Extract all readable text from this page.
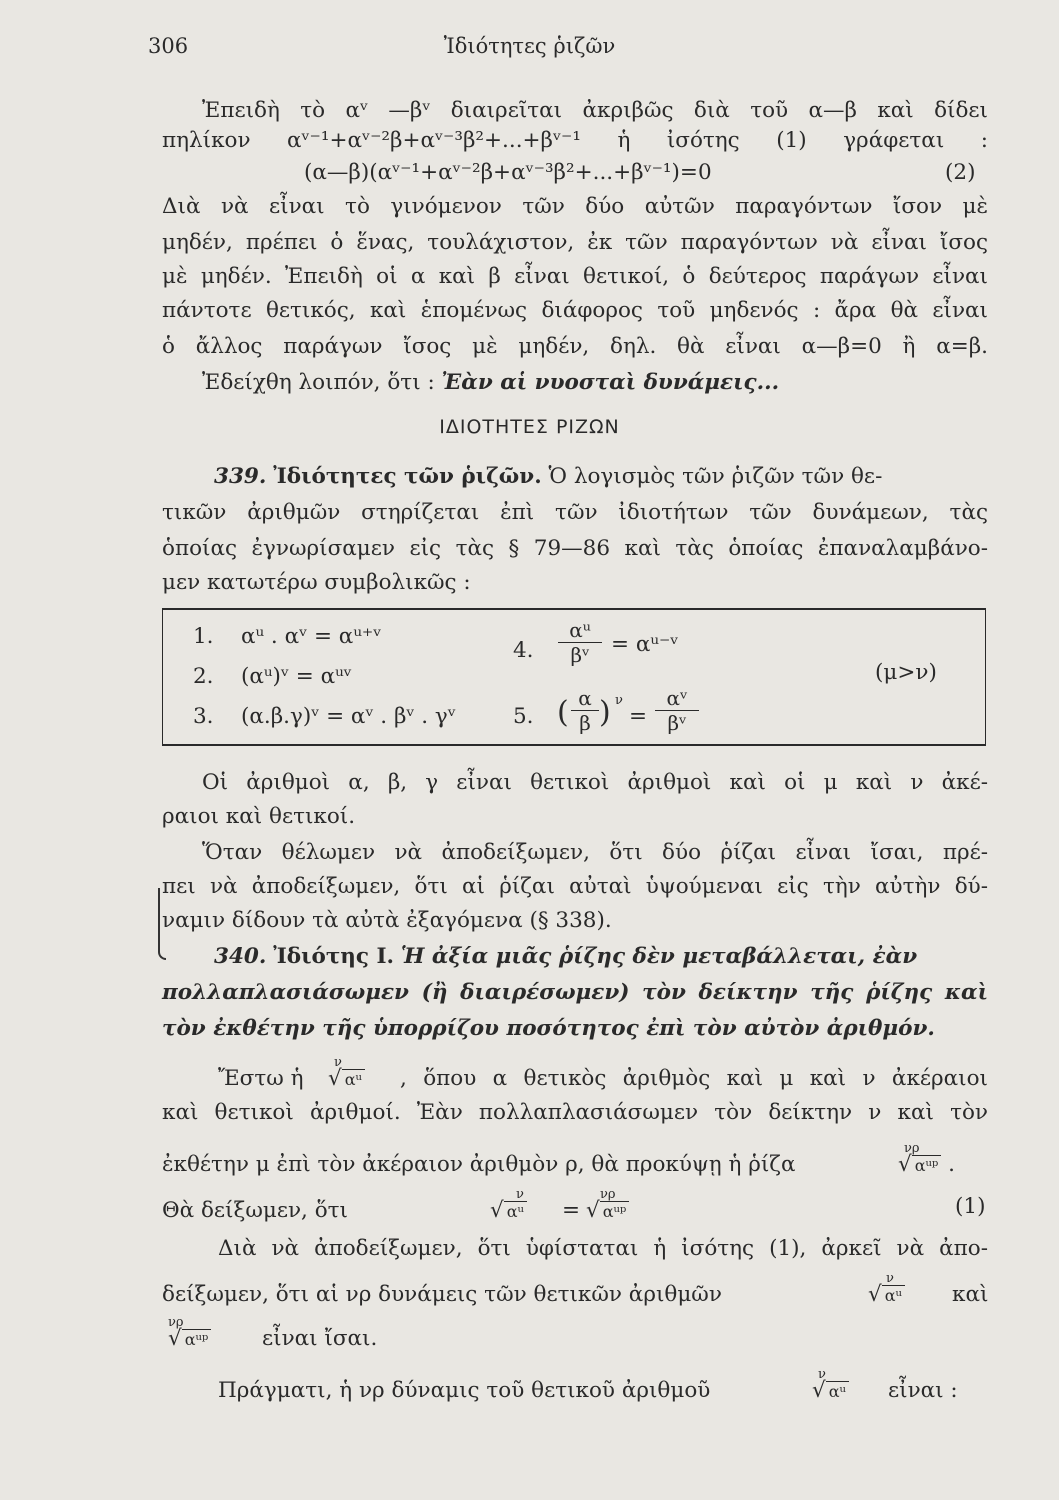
306	Ἰδιότητες ῥιζῶν
Ἐπειδὴ τὸ αᵛ —βᵛ διαιρεῖται ἀκριβῶς διὰ τοῦ α—β καὶ δίδει
πηλίκον αᵛ⁻¹+αᵛ⁻²β+αᵛ⁻³β²+...+βᵛ⁻¹ ἡ ἰσότης (1) γράφεται :
(α—β)(αᵛ⁻¹+αᵛ⁻²β+αᵛ⁻³β²+...+βᵛ⁻¹)=0	(2)
Διὰ νὰ εἶναι τὸ γινόμενον τῶν δύο αὐτῶν παραγόντων ἴσον μὲ
μηδέν, πρέπει ὁ ἕνας, τουλάχιστον, ἐκ τῶν παραγόντων νὰ εἶναι ἴσος
μὲ μηδέν. Ἐπειδὴ οἱ α καὶ β εἶναι θετικοί, ὁ δεύτερος παράγων εἶναι
πάντοτε θετικός, καὶ ἑπομένως διάφορος τοῦ μηδενός : ἄρα θὰ εἶναι
ὁ ἄλλος παράγων ἴσος μὲ μηδέν, δηλ. θὰ εἶναι α—β=0 ἢ α=β.
Ἐδείχθη λοιπόν, ὅτι : Ἐὰν αἱ νυοσταὶ δυνάμεις...
ΙΔΙΟΤΗΤΕΣ ΡΙΖΩΝ
339. Ἰδιότητες τῶν ῥιζῶν. Ὁ λογισμὸς τῶν ῥιζῶν τῶν θε-
τικῶν ἀριθμῶν στηρίζεται ἐπὶ τῶν ἰδιοτήτων τῶν δυνάμεων, τὰς
ὁποίας ἐγνωρίσαμεν εἰς τὰς § 79—86 καὶ τὰς ὁποίας ἐπαναλαμβάνο-
μεν κατωτέρω συμβολικῶς :
1. αᵘ . αᵛ = αᵘ⁺ᵛ
2. (αᵘ)ᵛ = αᵘᵛ
3. (α.β.γ)ᵛ = αᵛ . βᵛ . γᵛ
4.
αᵘ
βᵛ	= αᵘ⁻ᵛ
(μ>ν)
5. ( α
β ) ν
=
αᵛ
βᵛ
Οἱ ἀριθμοὶ α, β, γ εἶναι θετικοὶ ἀριθμοὶ καὶ οἱ μ καὶ ν ἀκέ-
ραιοι καὶ θετικοί.
Ὅταν θέλωμεν νὰ ἀποδείξωμεν, ὅτι δύο ῥίζαι εἶναι ἴσαι, πρέ-
πει νὰ ἀποδείξωμεν, ὅτι αἱ ῥίζαι αὐταὶ ὑψούμεναι εἰς τὴν αὐτὴν δύ-
ναμιν δίδουν τὰ αὐτὰ ἐξαγόμενα (§ 338).
340. Ἰδιότης Ι. Ἡ ἀξία μιᾶς ῥίζης δὲν μεταβάλλεται, ἐὰν
πολλαπλασιάσωμεν (ἢ διαιρέσωμεν) τὸν δείκτην τῆς ῥίζης καὶ
τὸν ἐκθέτην τῆς ὑπορρίζου ποσότητος ἐπὶ τὸν αὐτὸν ἀριθμόν.
Ἔστω ἡ
ν
√ αᵘ , ὅπου α θετικὸς ἀριθμὸς καὶ μ καὶ ν ἀκέραιοι
καὶ θετικοὶ ἀριθμοί. Ἐὰν πολλαπλασιάσωμεν τὸν δείκτην ν καὶ τὸν
ἐκθέτην μ ἐπὶ τὸν ἀκέραιον ἀριθμὸν ρ, θὰ προκύψῃ ἡ ῥίζα
νρ
√ αᵘᵖ .
Θὰ δείξωμεν, ὅτι
ν
√ αᵘ =
νρ
√ αᵘᵖ	(1)
Διὰ νὰ ἀποδείξωμεν, ὅτι ὑφίσταται ἡ ἰσότης (1), ἀρκεῖ νὰ ἀπο-
δείξωμεν, ὅτι αἱ νρ δυνάμεις τῶν θετικῶν ἀριθμῶν
ν
√ αᵘ καὶ
νρ
√ αᵘᵖ εἶναι ἴσαι.
Πράγματι, ἡ νρ δύναμις τοῦ θετικοῦ ἀριθμοῦ
ν
√ αᵘ εἶναι :
